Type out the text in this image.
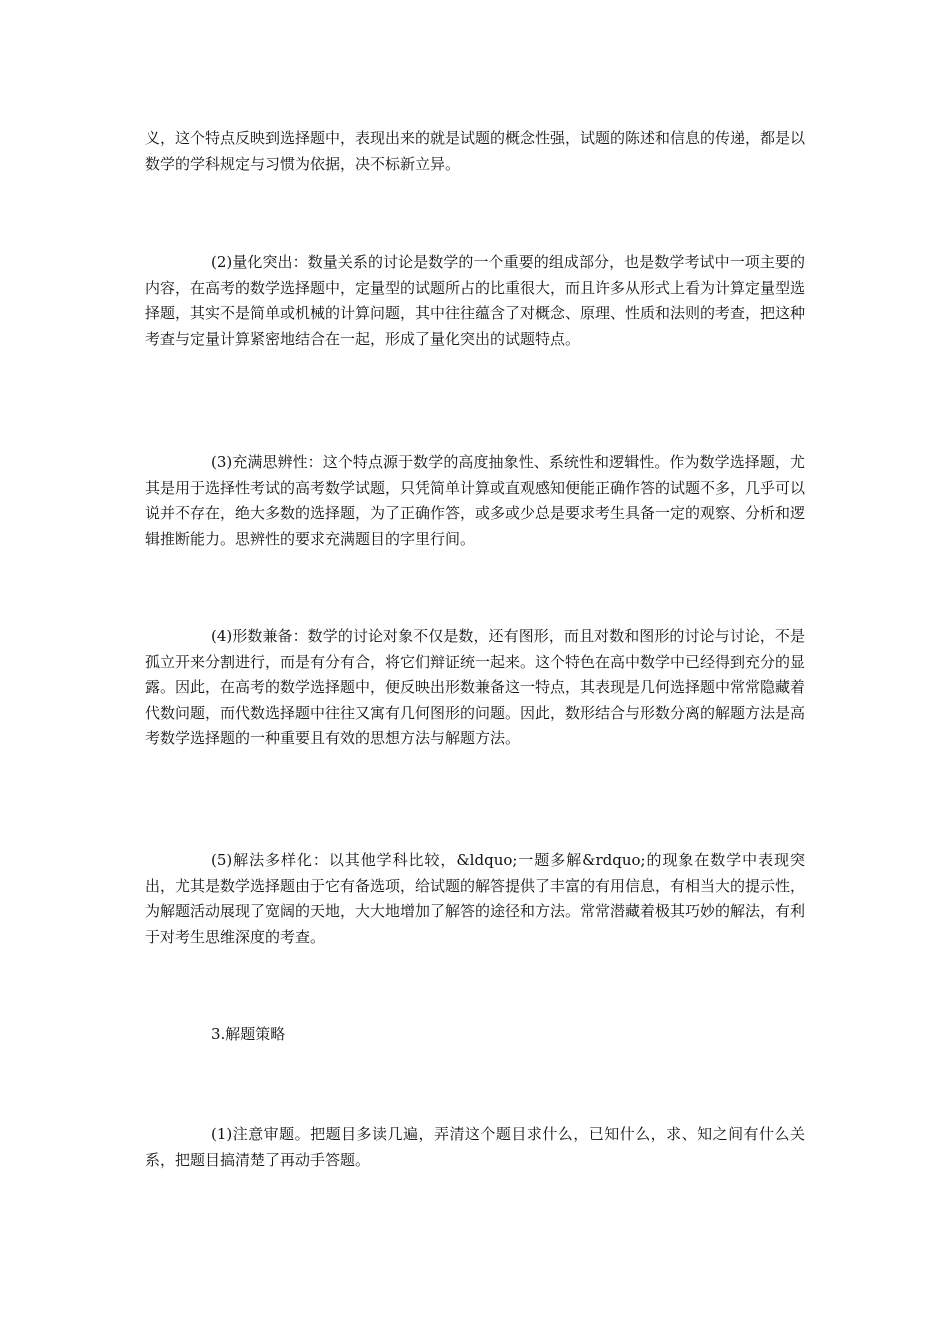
义，这个特点反映到选择题中，表现出来的就是试题的概念性强，试题的陈述和信息的传递，都是以数学的学科规定与习惯为依据，决不标新立异。

(2)量化突出：数量关系的讨论是数学的一个重要的组成部分，也是数学考试中一项主要的内容，在高考的数学选择题中，定量型的试题所占的比重很大，而且许多从形式上看为计算定量型选择题，其实不是简单或机械的计算问题，其中往往蕴含了对概念、原理、性质和法则的考查，把这种考查与定量计算紧密地结合在一起，形成了量化突出的试题特点。

(3)充满思辨性：这个特点源于数学的高度抽象性、系统性和逻辑性。作为数学选择题，尤其是用于选择性考试的高考数学试题，只凭简单计算或直观感知便能正确作答的试题不多，几乎可以说并不存在，绝大多数的选择题，为了正确作答，或多或少总是要求考生具备一定的观察、分析和逻辑推断能力。思辨性的要求充满题目的字里行间。

(4)形数兼备：数学的讨论对象不仅是数，还有图形，而且对数和图形的讨论与讨论，不是孤立开来分割进行，而是有分有合，将它们辩证统一起来。这个特色在高中数学中已经得到充分的显露。因此，在高考的数学选择题中，便反映出形数兼备这一特点，其表现是几何选择题中常常隐藏着代数问题，而代数选择题中往往又寓有几何图形的问题。因此，数形结合与形数分离的解题方法是高考数学选择题的一种重要且有效的思想方法与解题方法。

(5)解法多样化：以其他学科比较，&ldquo;一题多解&rdquo;的现象在数学中表现突出，尤其是数学选择题由于它有备选项，给试题的解答提供了丰富的有用信息，有相当大的提示性，为解题活动展现了宽阔的天地，大大地增加了解答的途径和方法。常常潜藏着极其巧妙的解法，有利于对考生思维深度的考查。

3.解题策略

(1)注意审题。把题目多读几遍，弄清这个题目求什么，已知什么，求、知之间有什么关系，把题目搞清楚了再动手答题。
